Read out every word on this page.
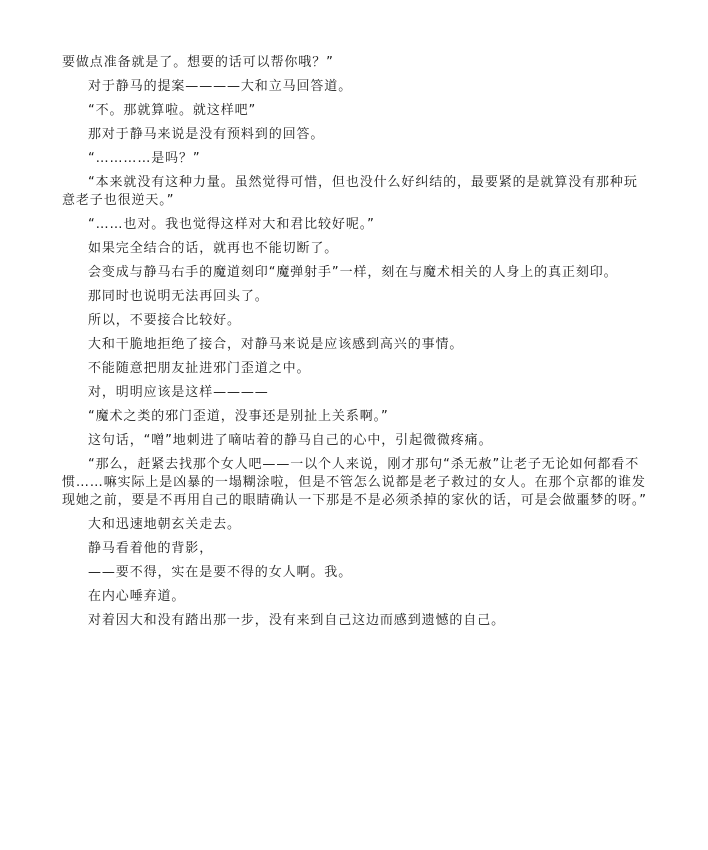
要做点准备就是了。想要的话可以帮你哦？”

对于静马的提案————大和立马回答道。

“不。那就算啦。就这样吧”

那对于静马来说是没有预料到的回答。

“…………是吗？”

“本来就没有这种力量。虽然觉得可惜，但也没什么好纠结的，最要紧的是就算没有那种玩意老子也很逆天。”

“……也对。我也觉得这样对大和君比较好呢。”

如果完全结合的话，就再也不能切断了。

会变成与静马右手的魔道刻印“魔弹射手”一样，刻在与魔术相关的人身上的真正刻印。

那同时也说明无法再回头了。

所以，不要接合比较好。

大和干脆地拒绝了接合，对静马来说是应该感到高兴的事情。

不能随意把朋友扯进邪门歪道之中。

对，明明应该是这样————

“魔术之类的邪门歪道，没事还是别扯上关系啊。”

这句话，“噌”地刺进了嘀咕着的静马自己的心中，引起微微疼痛。

“那么，赶紧去找那个女人吧——一以个人来说，刚才那句“杀无赦”让老子无论如何都看不惯……嘛实际上是凶暴的一塌糊涂啦，但是不管怎么说都是老子救过的女人。在那个京都的谁发现她之前，要是不再用自己的眼睛确认一下那是不是必须杀掉的家伙的话，可是会做噩梦的呀。”

大和迅速地朝玄关走去。

静马看着他的背影，

——要不得，实在是要不得的女人啊。我。

在内心唾弃道。

对着因大和没有踏出那一步，没有来到自己这边而感到遗憾的自己。
